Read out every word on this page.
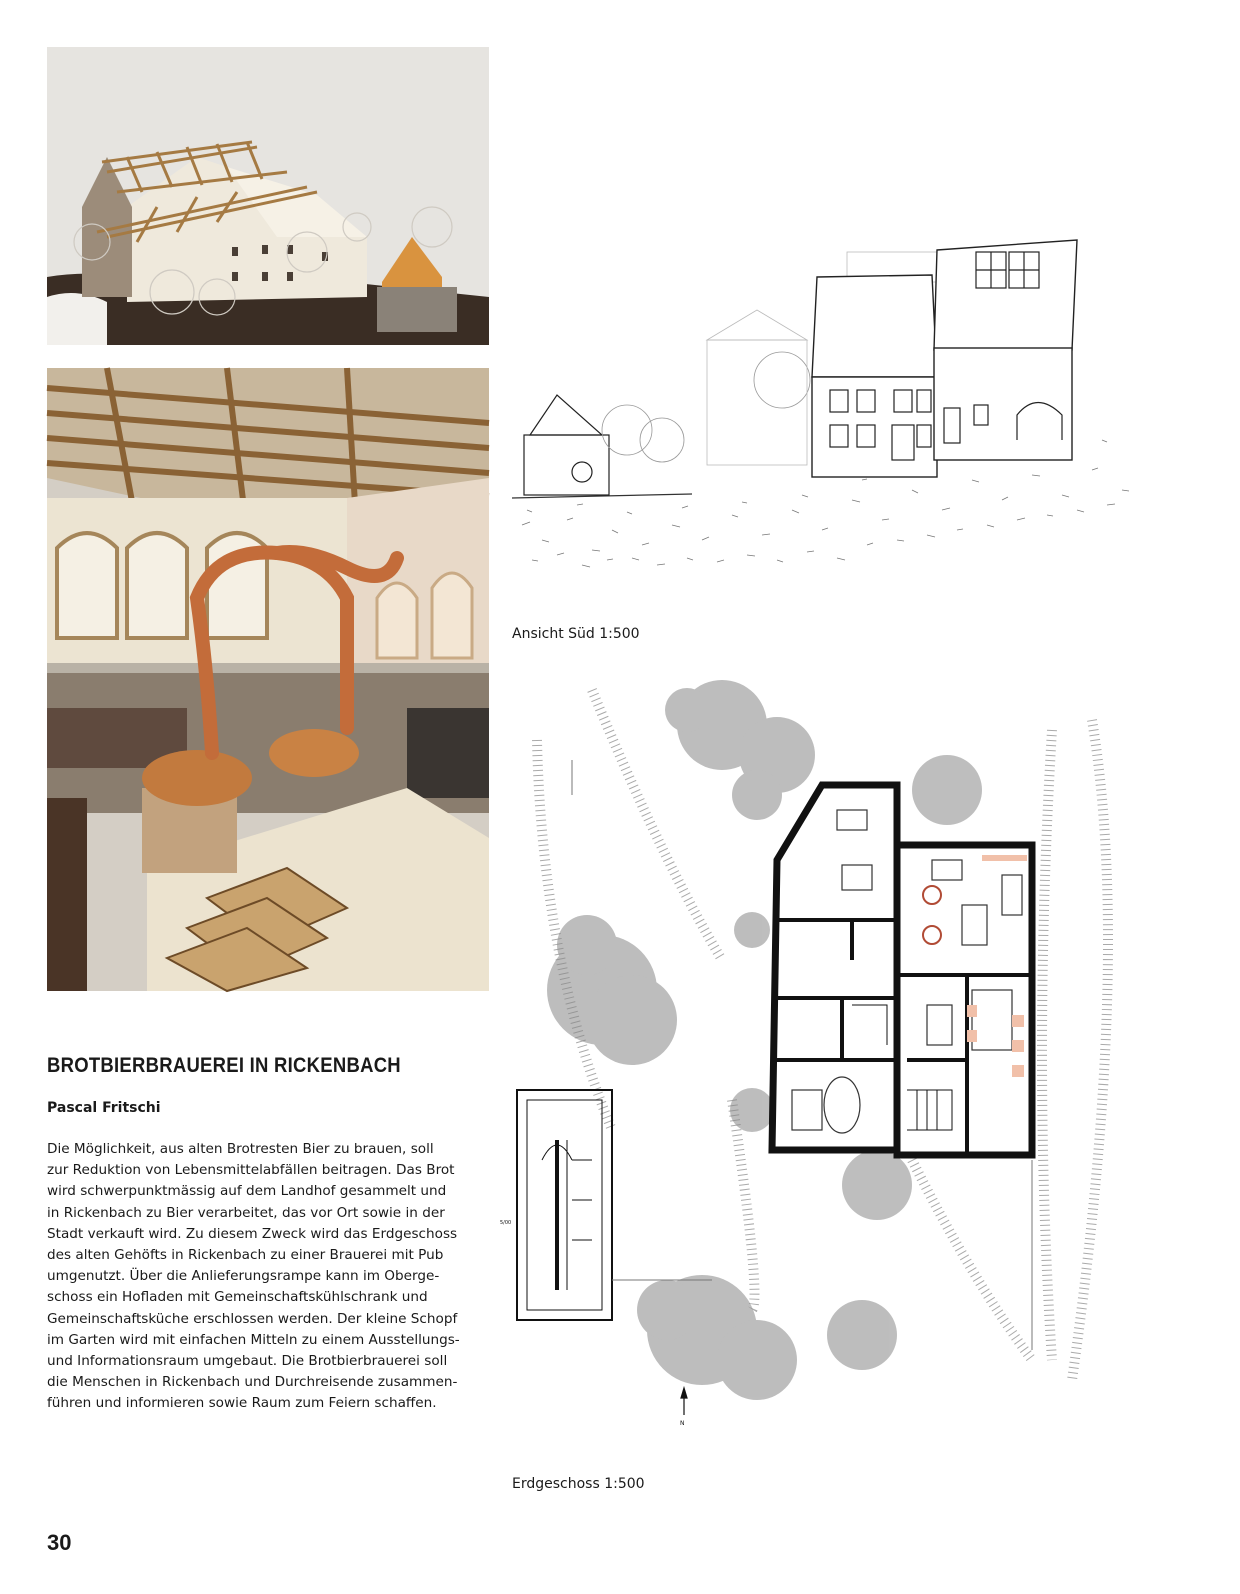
5/00
N
BROTBIERBRAUEREI IN RICKENBACH
Pascal Fritschi
Die Möglichkeit, aus alten Brotresten Bier zu brauen, soll
zur Reduktion von Lebensmittelabfällen beitragen. Das Brot
wird schwerpunktmässig auf dem Landhof gesammelt und
in Rickenbach zu Bier verarbeitet, das vor Ort sowie in der
Stadt verkauft wird. Zu diesem Zweck wird das Erdgeschoss
des alten Gehöfts in Rickenbach zu einer Brauerei mit Pub
umgenutzt. Über die Anlieferungsrampe kann im Oberge-
schoss ein Hofladen mit Gemeinschaftskühlschrank und
Gemeinschaftsküche erschlossen werden. Der kleine Schopf
im Garten wird mit einfachen Mitteln zu einem Ausstellungs-
und Informationsraum umgebaut. Die Brotbierbrauerei soll
die Menschen in Rickenbach und Durchreisende zusammen-
führen und informieren sowie Raum zum Feiern schaffen.
Ansicht Süd 1:500
Erdgeschoss 1:500
30
